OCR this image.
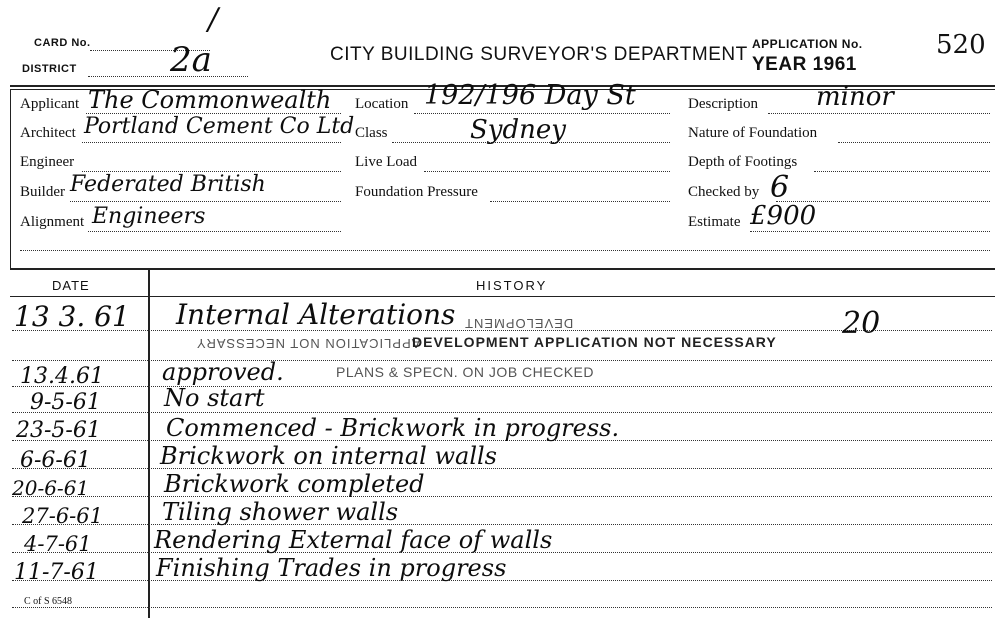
CARD No.
/
DISTRICT	2a	CITY BUILDING SURVEYOR'S DEPARTMENT APPLICATION No.	520
YEAR 1961
Applicant The Commonwealth
Architect Portland Cement Co Ltd
Engineer
Builder Federated British
Alignment Engineers
Location 192/196 Day St
Class	Sydney
Live Load
Foundation Pressure
Description minor
Nature of Foundation
Depth of Footings
Checked by 6
Estimate £900
DATE	HISTORY
13 3. 61 Internal Alterations	20
DEVELOPMENT
APPLICATION NOT NECESSARY
DEVELOPMENT APPLICATION NOT NECESSARY
13.4.61 approved.	PLANS & SPECN. ON JOB CHECKED
9-5-61	No start
23-5-61	Commenced - Brickwork in progress.
6-6-61	Brickwork on internal walls
20-6-61	Brickwork completed
27-6-61 Tiling shower walls
4-7-61	Rendering External face of walls
11-7-61 Finishing Trades in progress
C of S 6548
